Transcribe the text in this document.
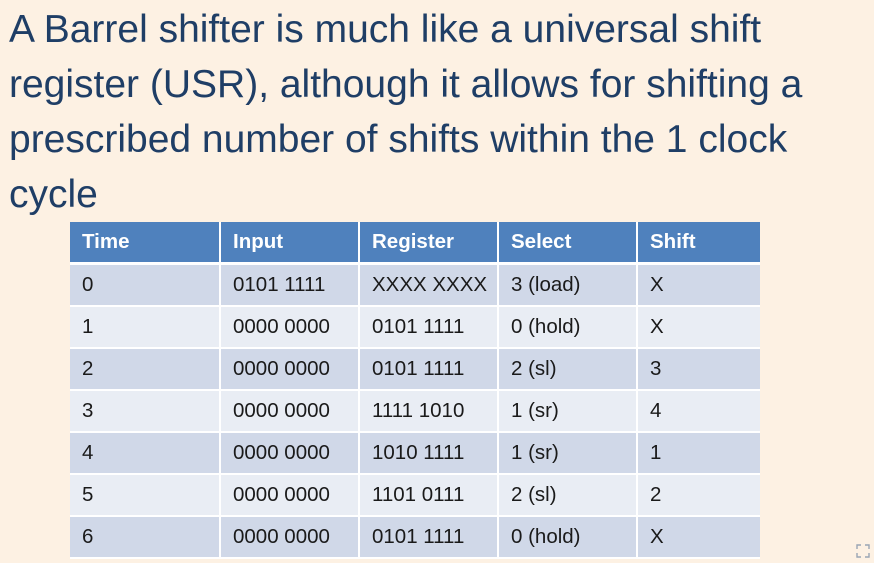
A Barrel shifter is much like a universal shift register (USR), although it allows for shifting a prescribed number of shifts within the 1 clock cycle

Time	Input	Register	Select	Shift
0	0101 1111	XXXX XXXX	3 (load)	X
1	0000 0000	0101 1111	0 (hold)	X
2	0000 0000	0101 1111	2 (sl)	3
3	0000 0000	1111 1010	1 (sr)	4
4	0000 0000	1010 1111	1 (sr)	1
5	0000 0000	1101 0111	2 (sl)	2
6	0000 0000	0101 1111	0 (hold)	X
